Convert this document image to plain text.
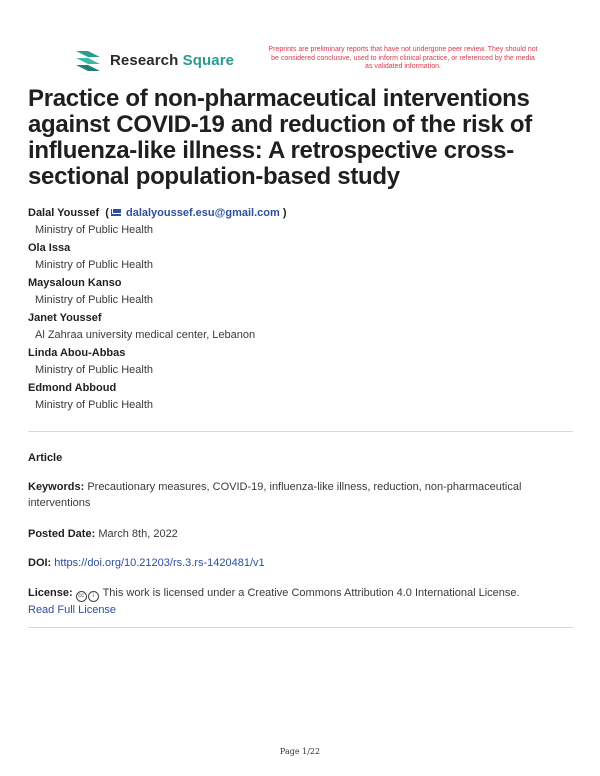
Research Square
Preprints are preliminary reports that have not undergone peer review. They should not be considered conclusive, used to inform clinical practice, or referenced by the media as validated information.
Practice of non-pharmaceutical interventions against COVID-19 and reduction of the risk of influenza-like illness: A retrospective cross-sectional population-based study
Dalal Youssef  ( dalalyoussef.esu@gmail.com )
Ministry of Public Health
Ola Issa
Ministry of Public Health
Maysaloun Kanso
Ministry of Public Health
Janet Youssef
Al Zahraa university medical center, Lebanon
Linda Abou-Abbas
Ministry of Public Health
Edmond Abboud
Ministry of Public Health
Article
Keywords: Precautionary measures, COVID-19, influenza-like illness, reduction, non-pharmaceutical interventions
Posted Date: March 8th, 2022
DOI: https://doi.org/10.21203/rs.3.rs-1420481/v1
License: cc i This work is licensed under a Creative Commons Attribution 4.0 International License.
Read Full License
Page 1/22
